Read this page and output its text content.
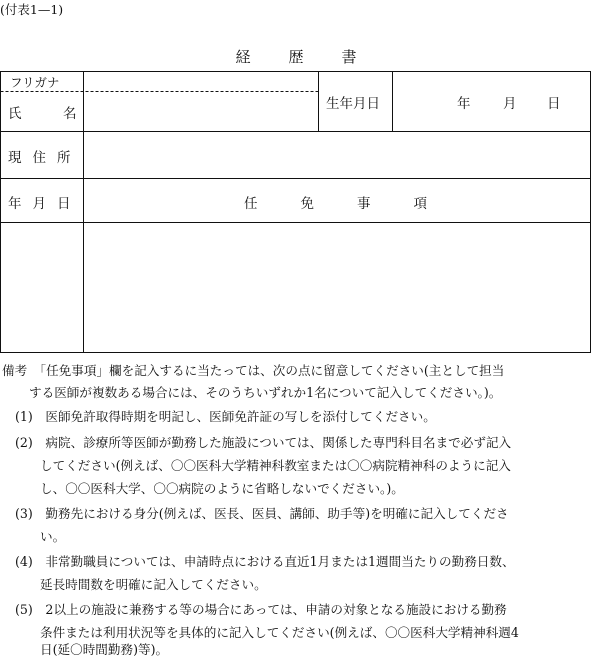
(付表1—1)
経	歴	書
フリガナ
氏	名
生年月日	年 月 日
現 住 所
年 月 日	任	免	事	項
備考　「任免事項」欄を記入するに当たっては、次の点に留意してください(主として担当
する医師が複数ある場合には、そのうちいずれか1名について記入してください。)。
(1)　医師免許取得時期を明記し、医師免許証の写しを添付してください。
(2)　病院、診療所等医師が勤務した施設については、関係した専門科目名まで必ず記入
してください(例えば、〇〇医科大学精神科教室または〇〇病院精神科のように記入
し、〇〇医科大学、〇〇病院のように省略しないでください。)。
(3)　勤務先における身分(例えば、医長、医員、講師、助手等)を明確に記入してくださ
い。
(4)　非常勤職員については、申請時点における直近1月または1週間当たりの勤務日数、
延長時間数を明確に記入してください。
(5)　2以上の施設に兼務する等の場合にあっては、申請の対象となる施設における勤務
条件または利用状況等を具体的に記入してください(例えば、〇〇医科大学精神科週4
日(延〇時間勤務)等)。
